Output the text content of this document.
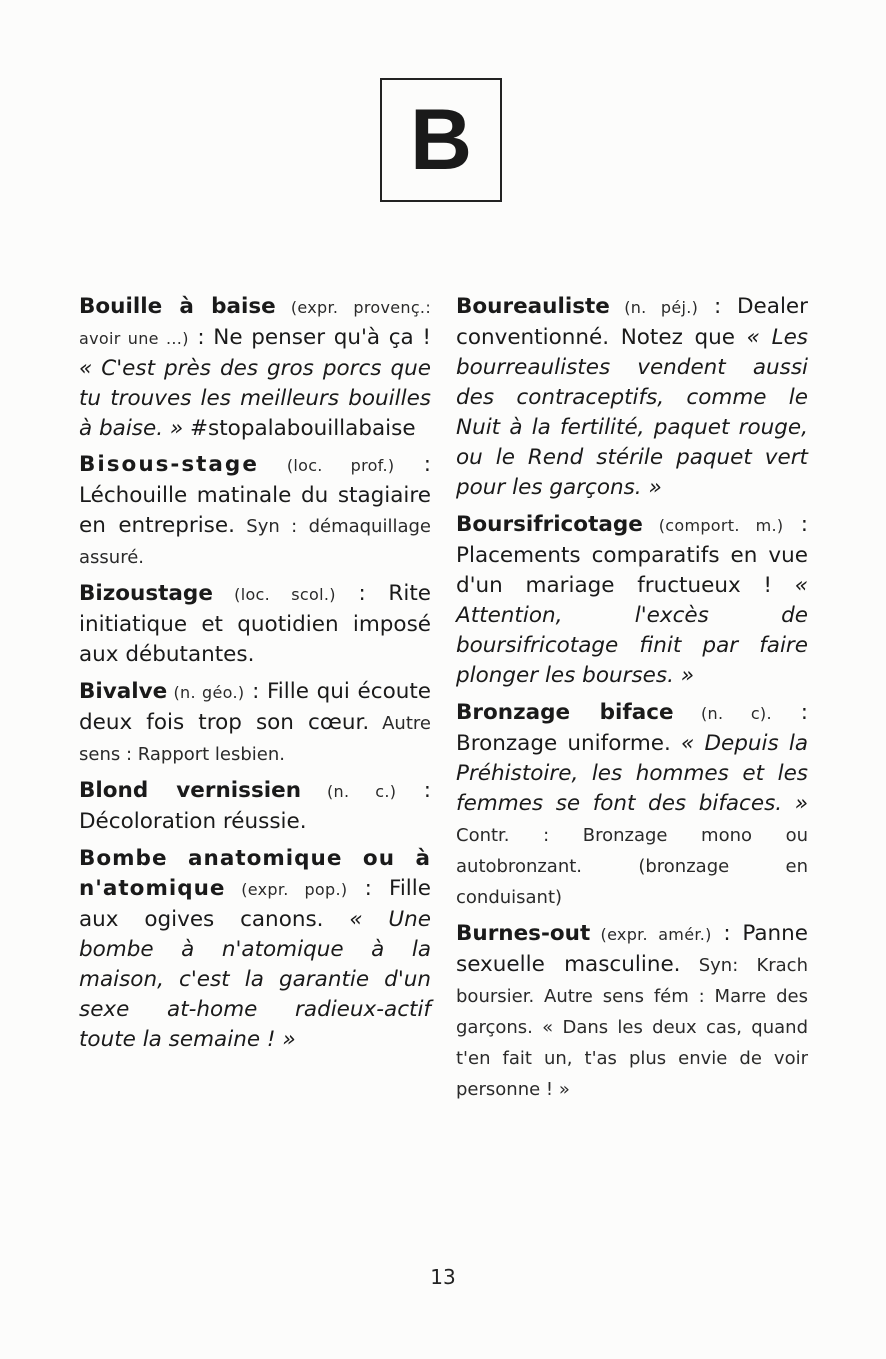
B

Bouille à baise (expr. provenç.: avoir une ...) : Ne penser qu'à ça ! « C'est près des gros porcs que tu trouves les meilleurs bouilles à baise. » #stopalabouillabaise

Bisous-stage (loc. prof.) : Léchouille matinale du stagiaire en entreprise. Syn : démaquillage assuré.

Bizoustage (loc. scol.) : Rite initiatique et quotidien imposé aux débutantes.

Bivalve (n. géo.) : Fille qui écoute deux fois trop son cœur. Autre sens : Rapport lesbien.

Blond vernissien (n. c.) : Décoloration réussie.

Bombe anatomique ou à n'atomique (expr. pop.) : Fille aux ogives canons. « Une bombe à n'atomique à la maison, c'est la garantie d'un sexe at-home radieux-actif toute la semaine ! »

Boureauliste (n. péj.) : Dealer conventionné. Notez que « Les bourreaulistes vendent aussi des contraceptifs, comme le Nuit à la fertilité, paquet rouge, ou le Rend stérile paquet vert pour les garçons. »

Boursifricotage (comport. m.) : Placements comparatifs en vue d'un mariage fructueux ! « Attention, l'excès de boursifricotage finit par faire plonger les bourses. »

Bronzage biface (n. c). : Bronzage uniforme. « Depuis la Préhistoire, les hommes et les femmes se font des bifaces. » Contr. : Bronzage mono ou autobronzant. (bronzage en conduisant)

Burnes-out (expr. amér.) : Panne sexuelle masculine. Syn: Krach boursier. Autre sens fém : Marre des garçons. « Dans les deux cas, quand t'en fait un, t'as plus envie de voir personne ! »

13
